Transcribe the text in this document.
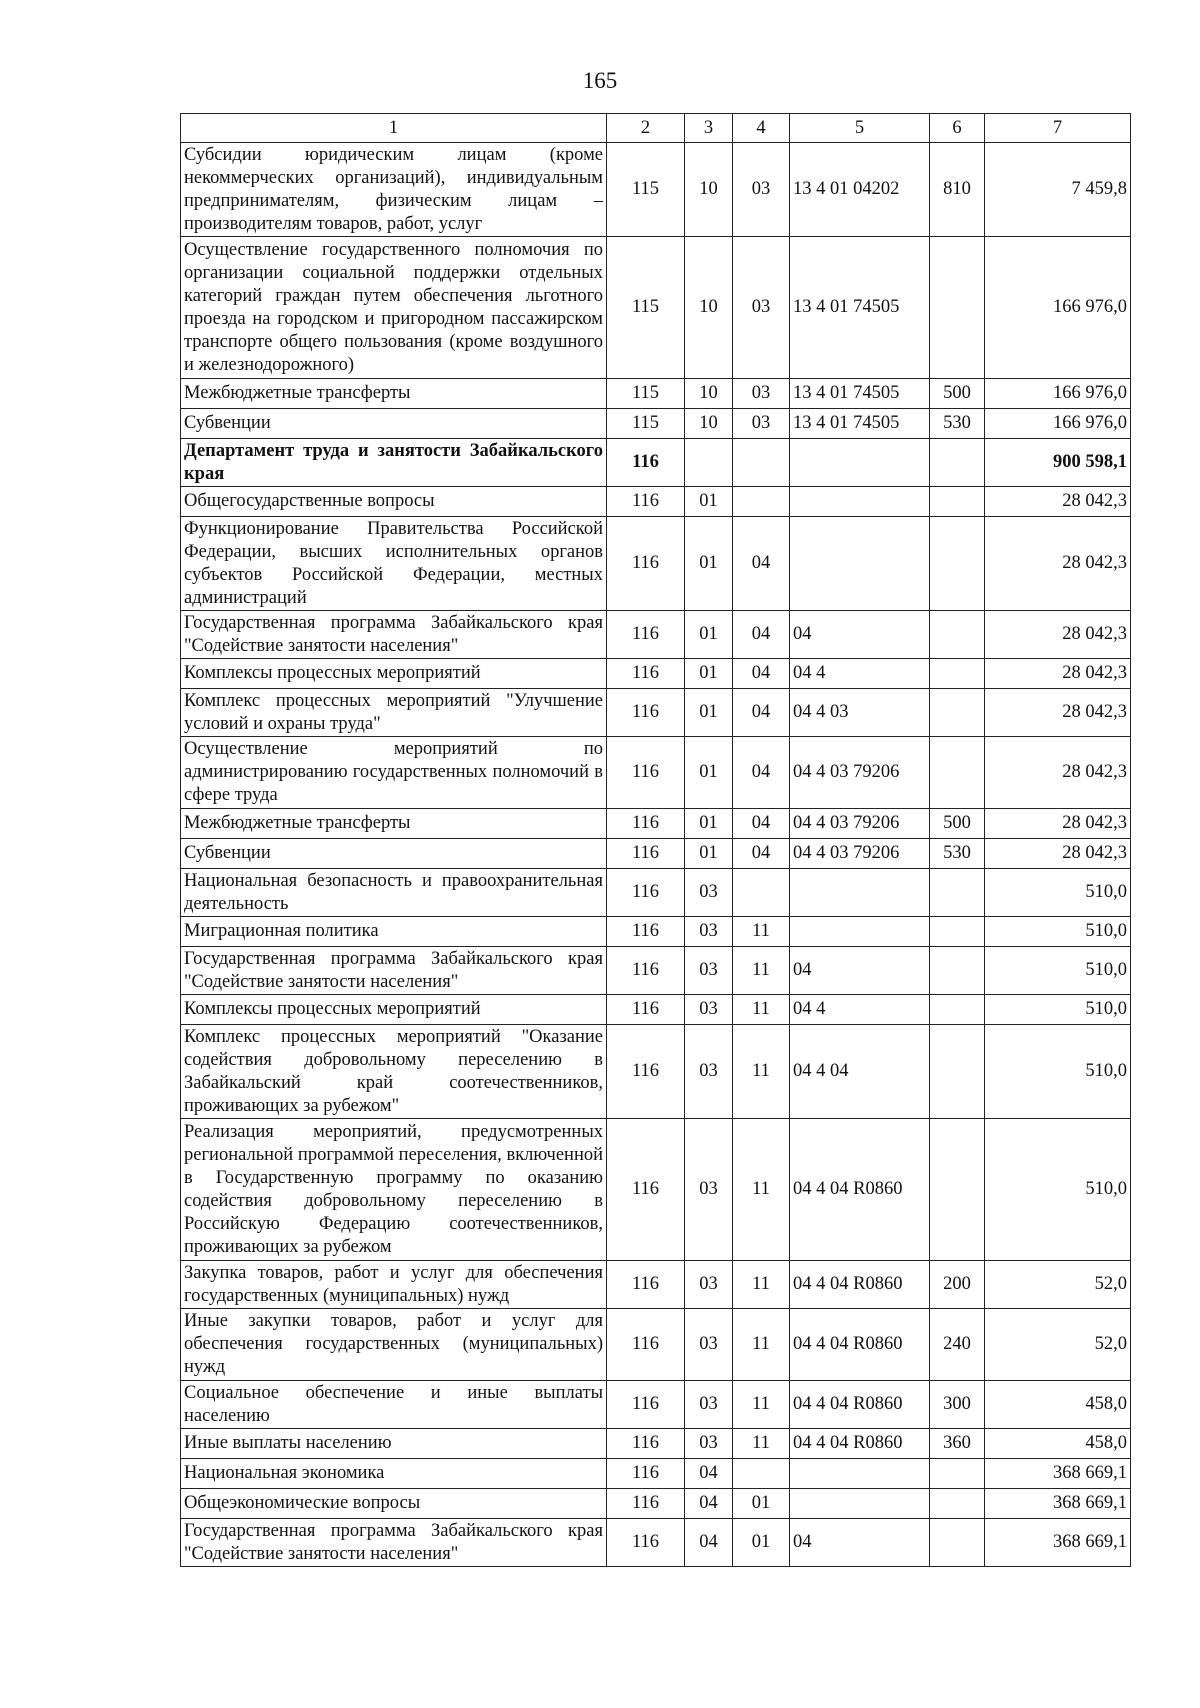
165
1	2	3	4	5	6	7
Субсидии юридическим лицам (кроме некоммерческих организаций), индивидуальным предпринимателям, физическим лицам – производителям товаров, работ, услуг	115	10	03	13 4 01 04202	810	7 459,8
Осуществление государственного полномочия по организации социальной поддержки отдельных категорий граждан путем обеспечения льготного проезда на городском и пригородном пассажирском транспорте общего пользования (кроме воздушного и железнодорожного)	115	10	03	13 4 01 74505		166 976,0
Межбюджетные трансферты	115	10	03	13 4 01 74505	500	166 976,0
Субвенции	115	10	03	13 4 01 74505	530	166 976,0
Департамент труда и занятости Забайкальского края	116					900 598,1
Общегосударственные вопросы	116	01				28 042,3
Функционирование Правительства Российской Федерации, высших исполнительных органов субъектов Российской Федерации, местных администраций	116	01	04			28 042,3
Государственная программа Забайкальского края "Содействие занятости населения"	116	01	04	04		28 042,3
Комплексы процессных мероприятий	116	01	04	04 4		28 042,3
Комплекс процессных мероприятий "Улучшение условий и охраны труда"	116	01	04	04 4 03		28 042,3
Осуществление мероприятий по администрированию государственных полномочий в сфере труда	116	01	04	04 4 03 79206		28 042,3
Межбюджетные трансферты	116	01	04	04 4 03 79206	500	28 042,3
Субвенции	116	01	04	04 4 03 79206	530	28 042,3
Национальная безопасность и правоохранительная деятельность	116	03				510,0
Миграционная политика	116	03	11			510,0
Государственная программа Забайкальского края "Содействие занятости населения"	116	03	11	04		510,0
Комплексы процессных мероприятий	116	03	11	04 4		510,0
Комплекс процессных мероприятий "Оказание содействия добровольному переселению в Забайкальский край соотечественников, проживающих за рубежом"	116	03	11	04 4 04		510,0
Реализация мероприятий, предусмотренных региональной программой переселения, включенной в Государственную программу по оказанию содействия добровольному переселению в Российскую Федерацию соотечественников, проживающих за рубежом	116	03	11	04 4 04 R0860		510,0
Закупка товаров, работ и услуг для обеспечения государственных (муниципальных) нужд	116	03	11	04 4 04 R0860	200	52,0
Иные закупки товаров, работ и услуг для обеспечения государственных (муниципальных) нужд	116	03	11	04 4 04 R0860	240	52,0
Социальное обеспечение и иные выплаты населению	116	03	11	04 4 04 R0860	300	458,0
Иные выплаты населению	116	03	11	04 4 04 R0860	360	458,0
Национальная экономика	116	04				368 669,1
Общеэкономические вопросы	116	04	01			368 669,1
Государственная программа Забайкальского края "Содействие занятости населения"	116	04	01	04		368 669,1
